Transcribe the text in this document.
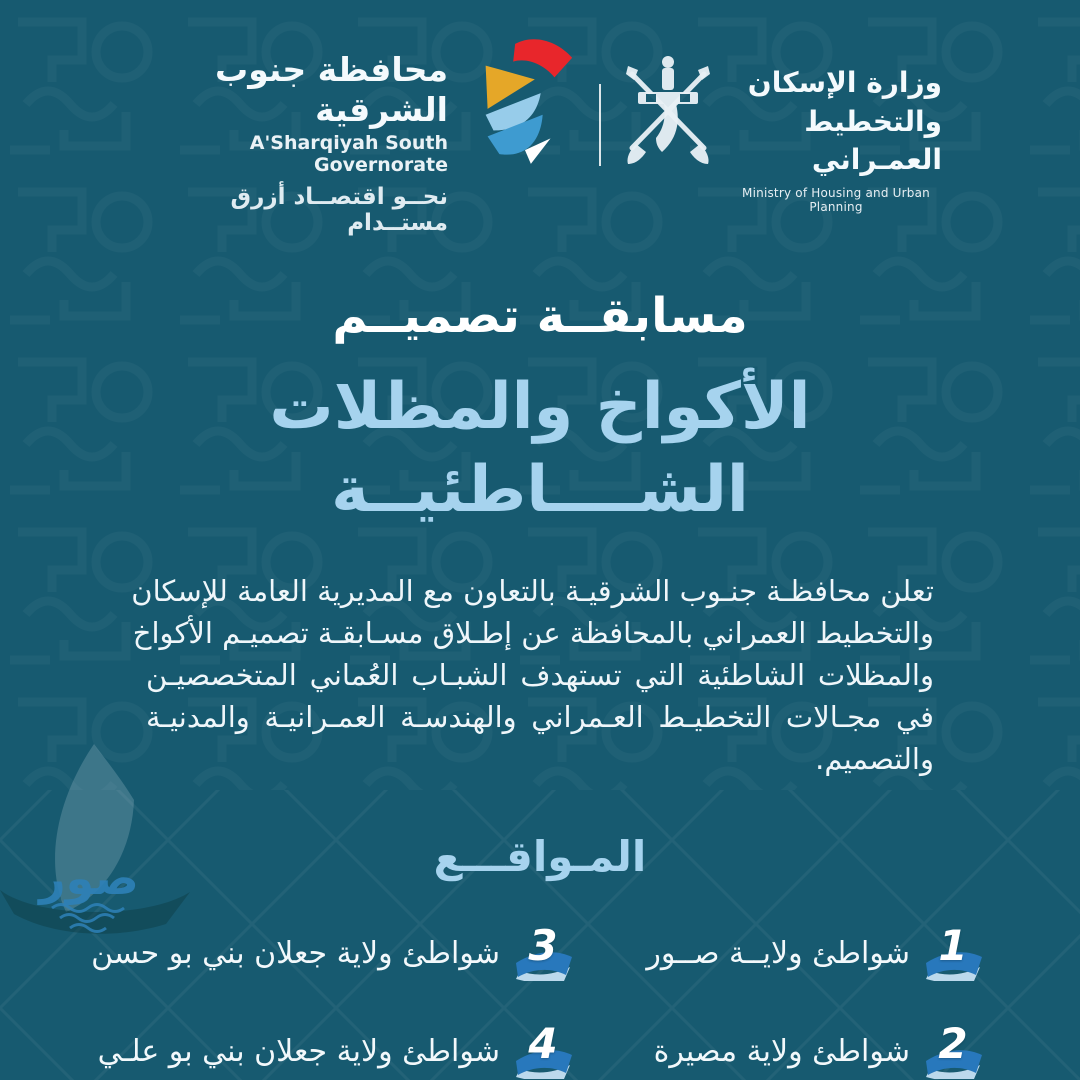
صور
محافظة جنوب الشرقية
A'Sharqiyah South Governorate
نحــو اقتصــاد أزرق مستــدام
وزارة الإسكان
والتخطيط العمـراني
Ministry of Housing and Urban Planning
مسابقــة تصميــم
الأكواخ والمظلات
الشــــاطئيــة
تعلن محافظـة جنـوب الشرقيـة بالتعاون مع المديرية العامة للإسكان
والتخطيط العمراني بالمحافظة عن إطـلاق مسـابقـة تصميـم الأكواخ
والمظلات الشاطئية التي تستهدف الشبـاب العُماني المتخصصيـن
في مجـالات التخطيـط العـمراني والهندسـة العمـرانيـة والمدنيـة
والتصميم.
المـواقـــع
1
شواطئ ولايــة صــور
2
شواطئ ولاية مصيرة
3
شواطئ ولاية جعلان بني بو حسن
4
شواطئ ولاية جعلان بني بو علـي
